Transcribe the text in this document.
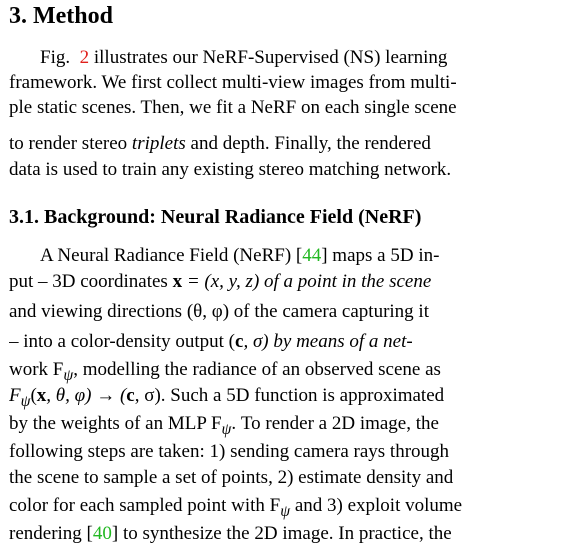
3. Method
Fig. 2 illustrates our NeRF-Supervised (NS) learning
framework. We first collect multi-view images from multi-
ple static scenes. Then, we fit a NeRF on each single scene
to render stereo triplets and depth. Finally, the rendered
data is used to train any existing stereo matching network.
3.1. Background: Neural Radiance Field (NeRF)
A Neural Radiance Field (NeRF) [44] maps a 5D in-
put – 3D coordinates x = (x, y, z) of a point in the scene
and viewing directions (θ, φ) of the camera capturing it
– into a color-density output (c, σ) by means of a net-
work $F_\psi$, modelling the radiance of an observed scene as
$F_\psi(x$, θ, φ) → (c, σ). Such a 5D function is approximated
by the weights of an MLP $F_\psi$. To render a 2D image, the
following steps are taken: 1) sending camera rays through
the scene to sample a set of points, 2) estimate density and
color for each sampled point with $F_\psi$ and 3) exploit volume
rendering [40] to synthesize the 2D image. In practice, the
